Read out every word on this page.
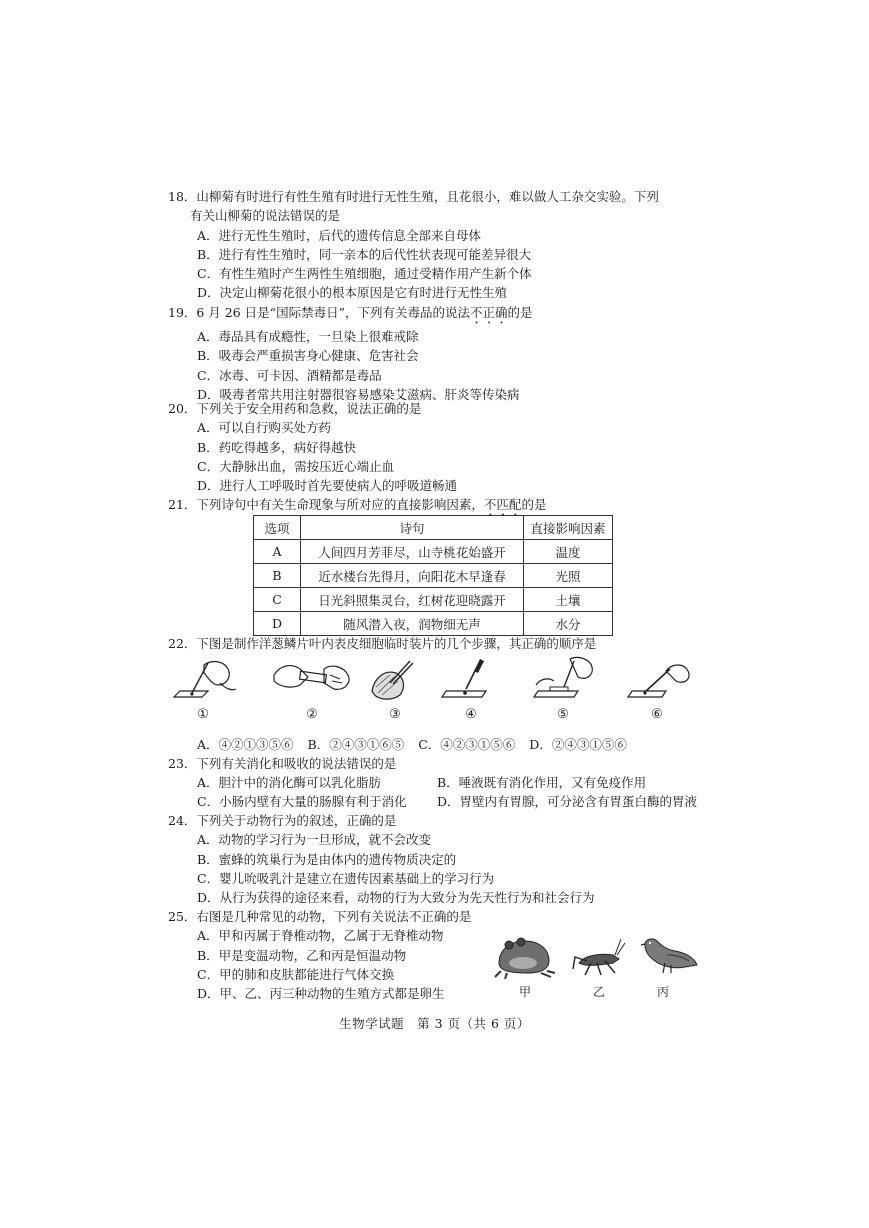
18．山柳菊有时进行有性生殖有时进行无性生殖，且花很小，难以做人工杂交实验。下列
有关山柳菊的说法错误的是

A．进行无性生殖时，后代的遗传信息全部来自母体

B．进行有性生殖时，同一亲本的后代性状表现可能差异很大

C．有性生殖时产生两性生殖细胞，通过受精作用产生新个体

D．决定山柳菊花很小的根本原因是它有时进行无性生殖

19．6 月 26 日是“国际禁毒日”，下列有关毒品的说法不正确的是

A．毒品具有成瘾性，一旦染上很难戒除

B．吸毒会严重损害身心健康、危害社会

C．冰毒、可卡因、酒精都是毒品

D．吸毒者常共用注射器很容易感染艾滋病、肝炎等传染病

20．下列关于安全用药和急救，说法正确的是

A．可以自行购买处方药

B．药吃得越多，病好得越快

C．大静脉出血，需按压近心端止血

D．进行人工呼吸时首先要使病人的呼吸道畅通

21．下列诗句中有关生命现象与所对应的直接影响因素，不匹配的是

选项	诗句	直接影响因素
A	人间四月芳菲尽，山寺桃花始盛开	温度
B	近水楼台先得月，向阳花木早逢春	光照
C	日光斜照集灵台，红树花迎晓露开	土壤
D	随风潜入夜，润物细无声	水分

22．下图是制作洋葱鳞片叶内表皮细胞临时装片的几个步骤，其正确的顺序是

①	②	③	④	⑤	⑥
A．④②①③⑤⑥ B．②④③①⑥⑤ C．④②③①⑤⑥ D．②④③①⑤⑥

23．下列有关消化和吸收的说法错误的是

A．胆汁中的消化酶可以乳化脂肪	B．唾液既有消化作用，又有免疫作用
C．小肠内壁有大量的肠腺有利于消化 D．胃壁内有胃腺，可分泌含有胃蛋白酶的胃液

24．下列关于动物行为的叙述，正确的是

A．动物的学习行为一旦形成，就不会改变

B．蜜蜂的筑巢行为是由体内的遗传物质决定的

C．婴儿吮吸乳汁是建立在遗传因素基础上的学习行为

D．从行为获得的途径来看，动物的行为大致分为先天性行为和社会行为

25．右图是几种常见的动物，下列有关说法不正确的是

A．甲和丙属于脊椎动物，乙属于无脊椎动物

B．甲是变温动物，乙和丙是恒温动物

C．甲的肺和皮肤都能进行气体交换

D．甲、乙、丙三种动物的生殖方式都是卵生	甲	乙	丙
生物学试题　第 3 页（共 6 页）
